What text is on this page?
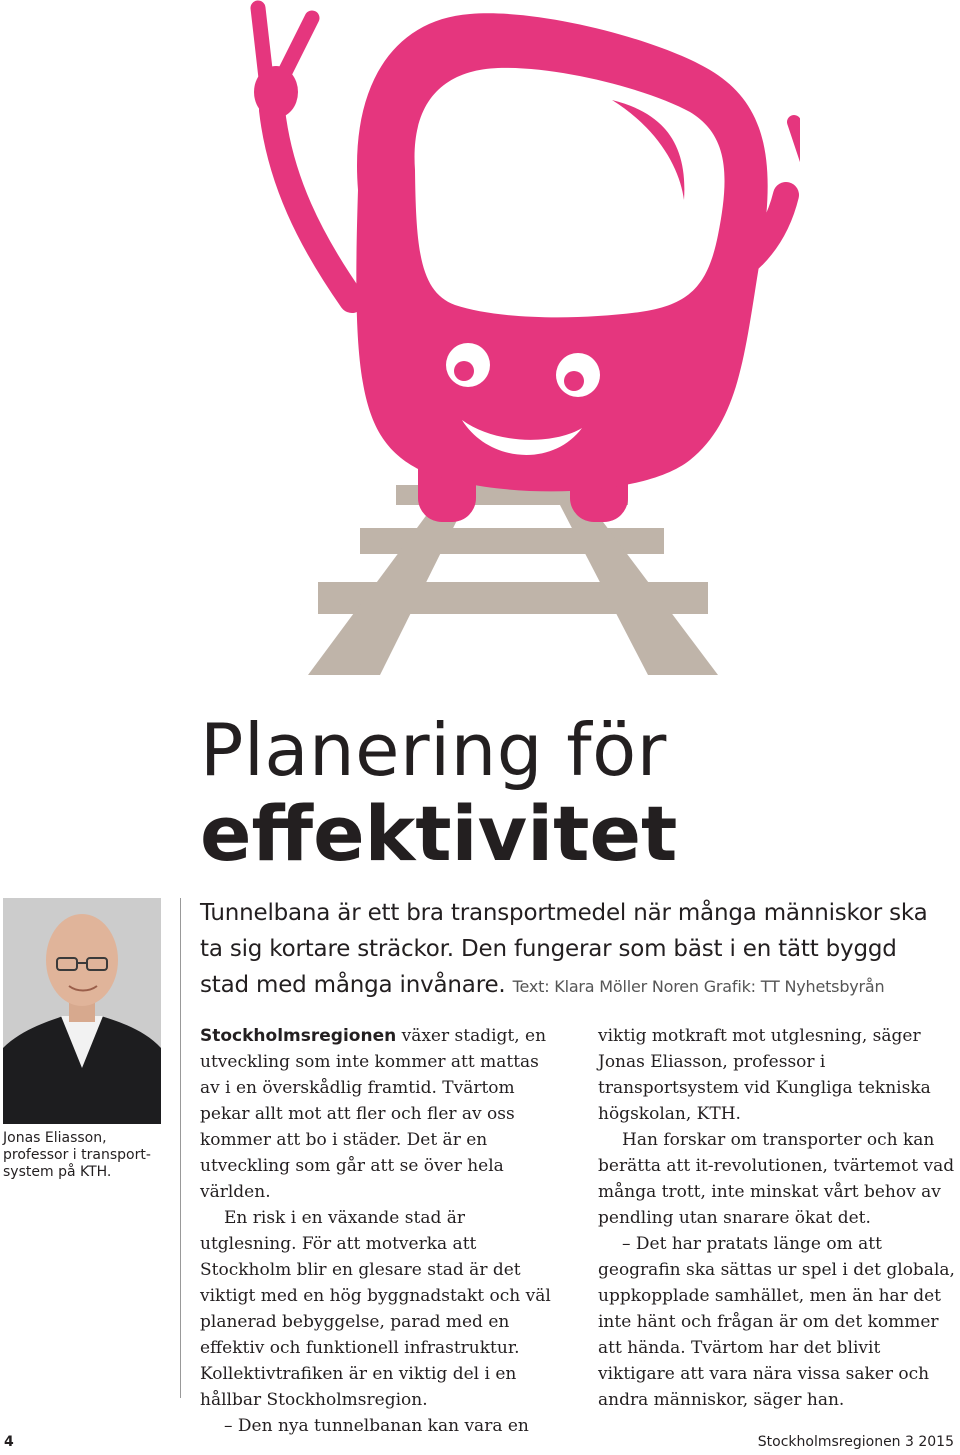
Planering för
effektivitet

Tunnelbana är ett bra transportmedel när många människor ska ta sig kortare sträckor. Den fungerar som bäst i en tätt byggd stad med många invånare. Text: Klara Möller Noren Grafik: TT Nyhetsbyrån

Jonas Eliasson, professor i transportsystem på KTH.

Stockholmsregionen växer stadigt, en utveckling som inte kommer att mattas av i en överskådlig framtid. Tvärtom pekar allt mot att fler och fler av oss kommer att bo i städer. Det är en utveckling som går att se över hela världen.

En risk i en växande stad är utglesning. För att motverka att Stockholm blir en glesare stad är det viktigt med en hög byggnadstakt och väl planerad bebyggelse, parad med en effektiv och funktionell infrastruktur. Kollektivtrafiken är en viktig del i en hållbar Stockholmsregion.

– Den nya tunnelbanan kan vara en

viktig motkraft mot utglesning, säger Jonas Eliasson, professor i transportsystem vid Kungliga tekniska högskolan, KTH.

Han forskar om transporter och kan berätta att it-revolutionen, tvärtemot vad många trott, inte minskat vårt behov av pendling utan snarare ökat det.

– Det har pratats länge om att geografin ska sättas ur spel i det globala, uppkopplade samhället, men än har det inte hänt och frågan är om det kommer att hända. Tvärtom har det blivit viktigare att vara nära vissa saker och andra människor, säger han.

4	Stockholmsregionen 3 2015
